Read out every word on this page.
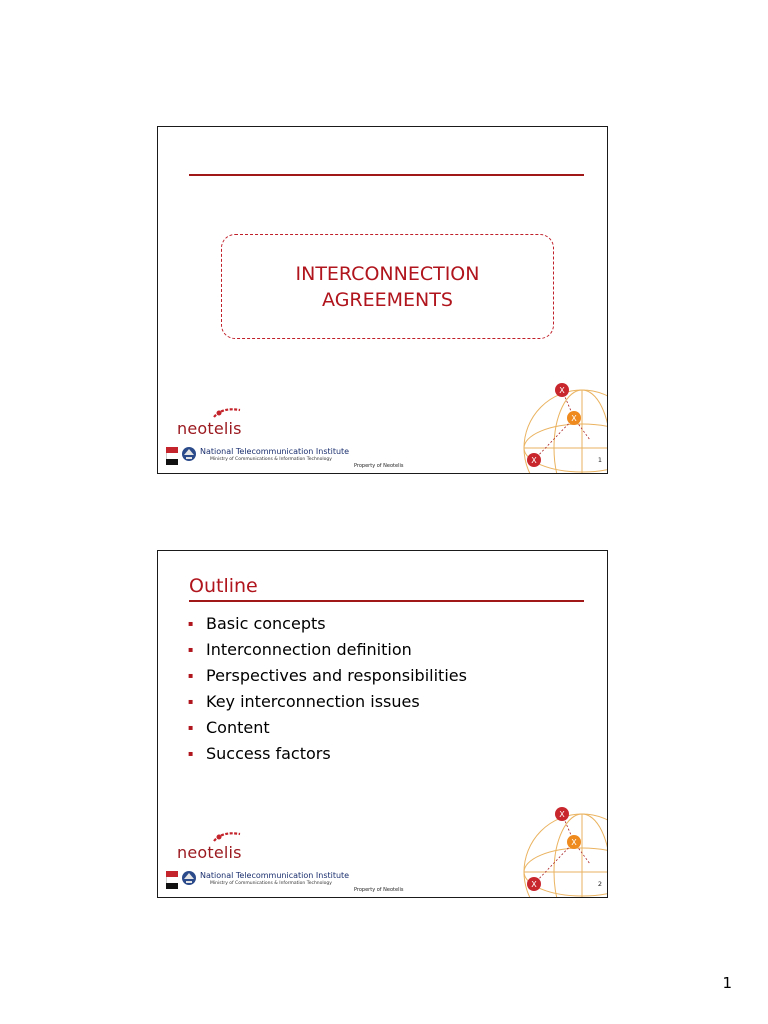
INTERCONNECTION
AGREEMENTS
neotelis
National Telecommunication Institute
Ministry of Communications & Information Technology
Property of Neotelis
X
X
X	1
Outline
▪ Basic concepts
▪ Interconnection definition
▪ Perspectives and responsibilities
▪ Key interconnection issues
▪ Content
▪ Success factors
neotelis
National Telecommunication Institute
Ministry of Communications & Information Technology
Property of Neotelis
X
X
X	2
1
